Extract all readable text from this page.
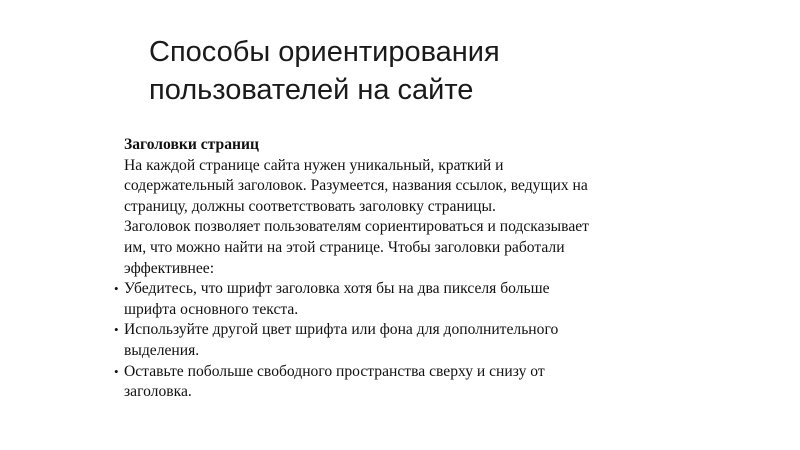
Способы ориентирования
пользователей на сайте
Заголовки страниц
На каждой странице сайта нужен уникальный, краткий и
содержательный заголовок. Разумеется, названия ссылок, ведущих на
страницу, должны соответствовать заголовку страницы.
Заголовок позволяет пользователям сориентироваться и подсказывает
им, что можно найти на этой странице. Чтобы заголовки работали
эффективнее:
• Убедитесь, что шрифт заголовка хотя бы на два пикселя больше
шрифта основного текста.
• Используйте другой цвет шрифта или фона для дополнительного
выделения.
• Оставьте побольше свободного пространства сверху и снизу от
заголовка.
